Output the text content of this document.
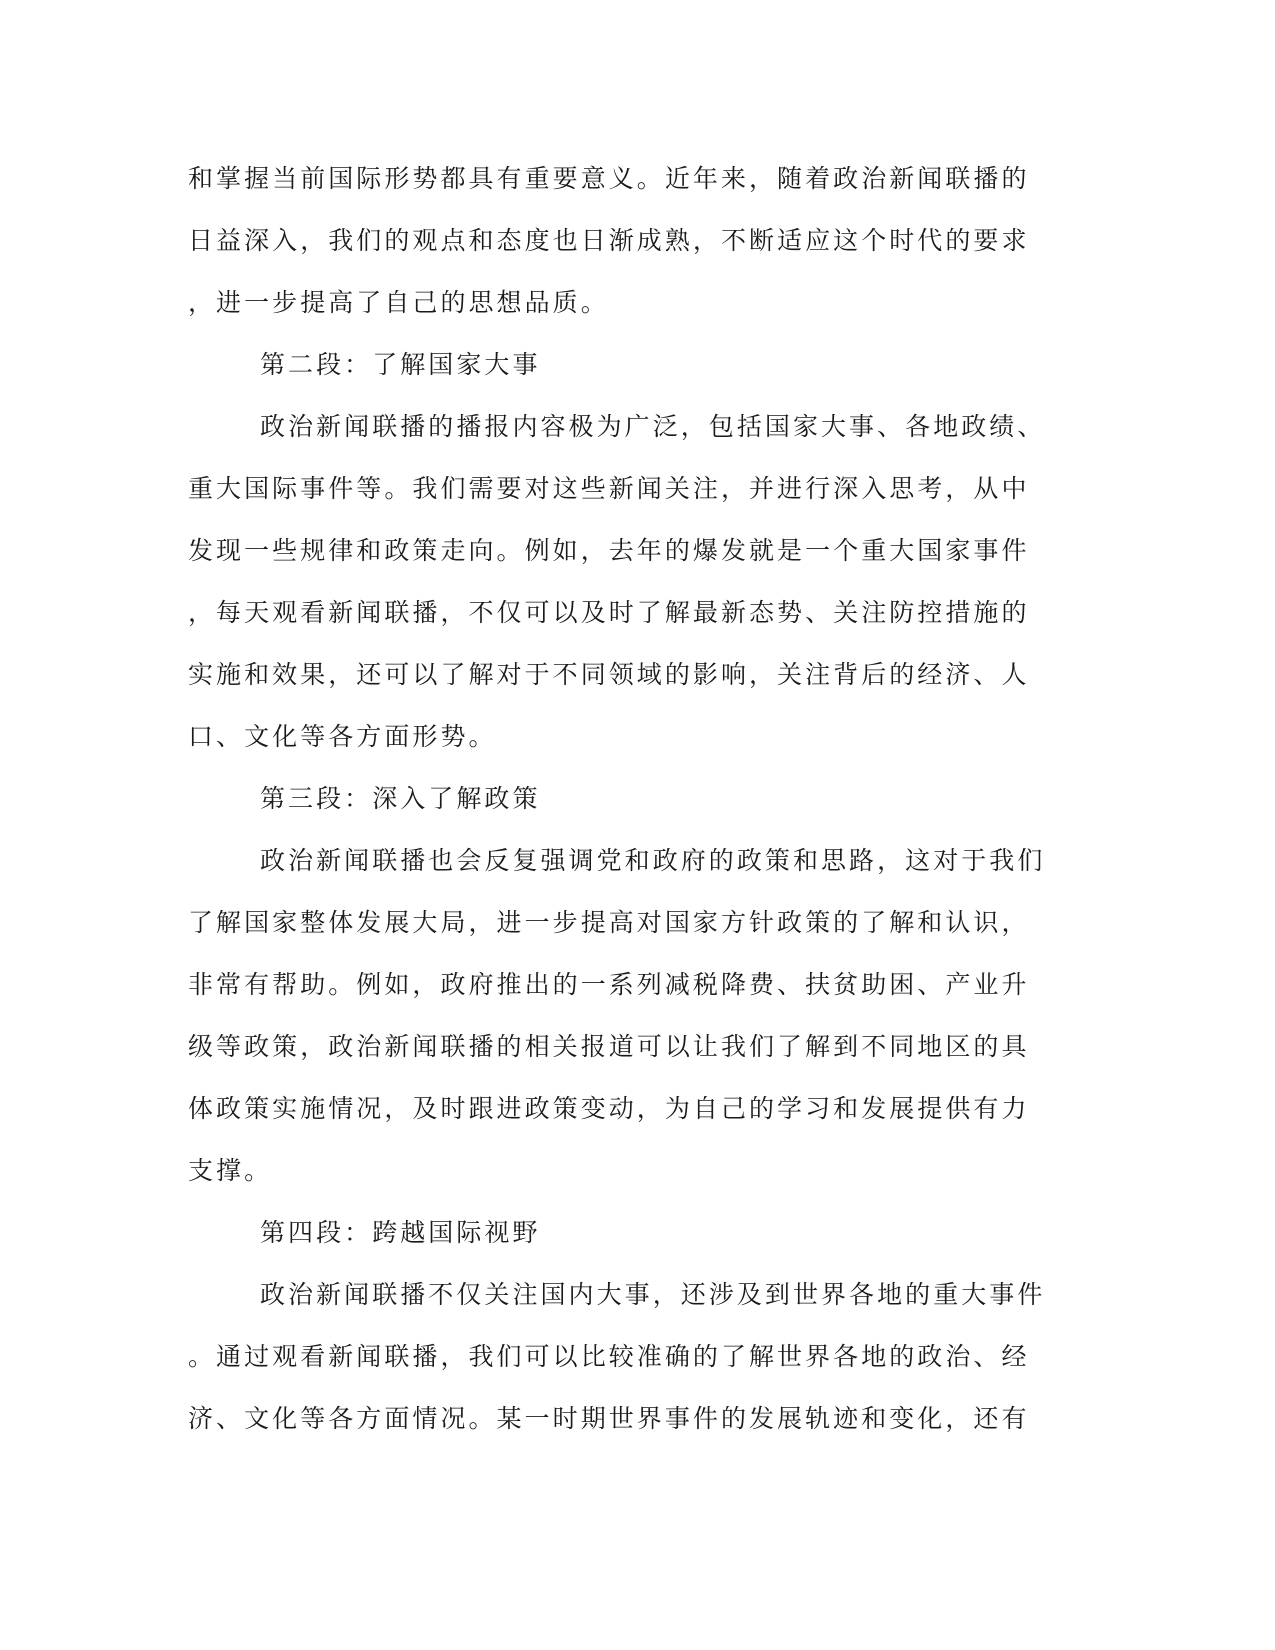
和掌握当前国际形势都具有重要意义。近年来，随着政治新闻联播的
日益深入，我们的观点和态度也日渐成熟，不断适应这个时代的要求
，进一步提高了自己的思想品质。
第二段：了解国家大事
政治新闻联播的播报内容极为广泛，包括国家大事、各地政绩、
重大国际事件等。我们需要对这些新闻关注，并进行深入思考，从中
发现一些规律和政策走向。例如，去年的爆发就是一个重大国家事件
，每天观看新闻联播，不仅可以及时了解最新态势、关注防控措施的
实施和效果，还可以了解对于不同领域的影响，关注背后的经济、人
口、文化等各方面形势。
第三段：深入了解政策
政治新闻联播也会反复强调党和政府的政策和思路，这对于我们
了解国家整体发展大局，进一步提高对国家方针政策的了解和认识，
非常有帮助。例如，政府推出的一系列减税降费、扶贫助困、产业升
级等政策，政治新闻联播的相关报道可以让我们了解到不同地区的具
体政策实施情况，及时跟进政策变动，为自己的学习和发展提供有力
支撑。
第四段：跨越国际视野
政治新闻联播不仅关注国内大事，还涉及到世界各地的重大事件
。通过观看新闻联播，我们可以比较准确的了解世界各地的政治、经
济、文化等各方面情况。某一时期世界事件的发展轨迹和变化，还有
